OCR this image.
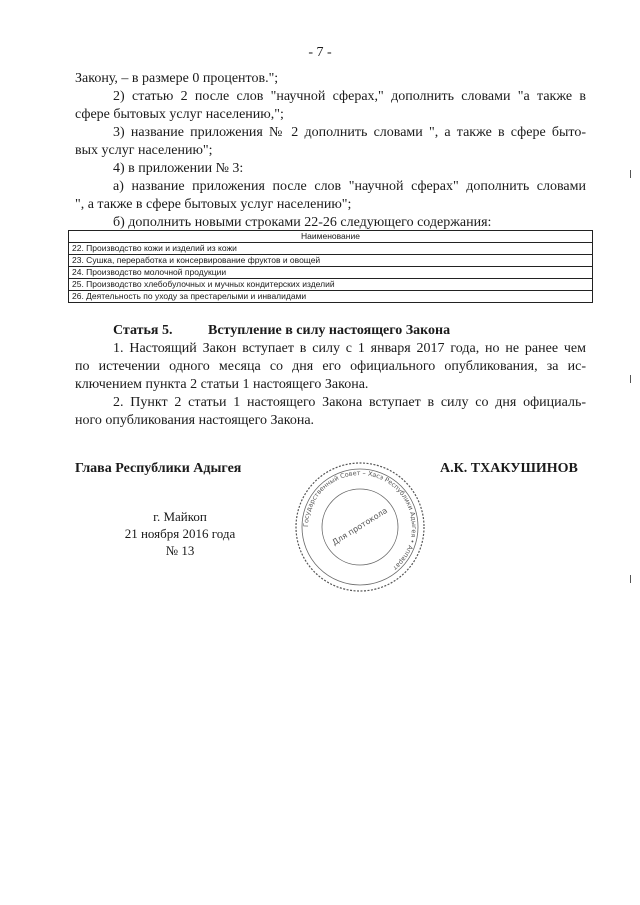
- 7 -
Закону, – в размере 0 процентов.";
2) статью 2 после слов "научной сферах," дополнить словами "а также в
сфере бытовых услуг населению,";
3) название приложения № 2 дополнить словами ", а также в сфере быто-
вых услуг населению";
4) в приложении № 3:
а) название приложения после слов "научной сферах" дополнить словами
", а также в сфере бытовых услуг населению";
б) дополнить новыми строками 22-26 следующего содержания:
Наименование
22. Производство кожи и изделий из кожи
23. Сушка, переработка и консервирование фруктов и овощей
24. Производство молочной продукции
25. Производство хлебобулочных и мучных кондитерских изделий
26. Деятельность по уходу за престарелыми и инвалидами
Статья 5.	Вступление в силу настоящего Закона
1. Настоящий Закон вступает в силу с 1 января 2017 года, но не ранее чем
по истечении одного месяца со дня его официального опубликования, за ис-
ключением пункта 2 статьи 1 настоящего Закона.
2. Пункт 2 статьи 1 настоящего Закона вступает в силу со дня официаль-
ного опубликования настоящего Закона.
Глава Республики Адыгея	А.К. ТХАКУШИНОВ
г. Майкоп
21 ноября 2016 года
№ 13
Государственный Совет – Хасэ Республики Адыгея • Аппарат
Для протокола
